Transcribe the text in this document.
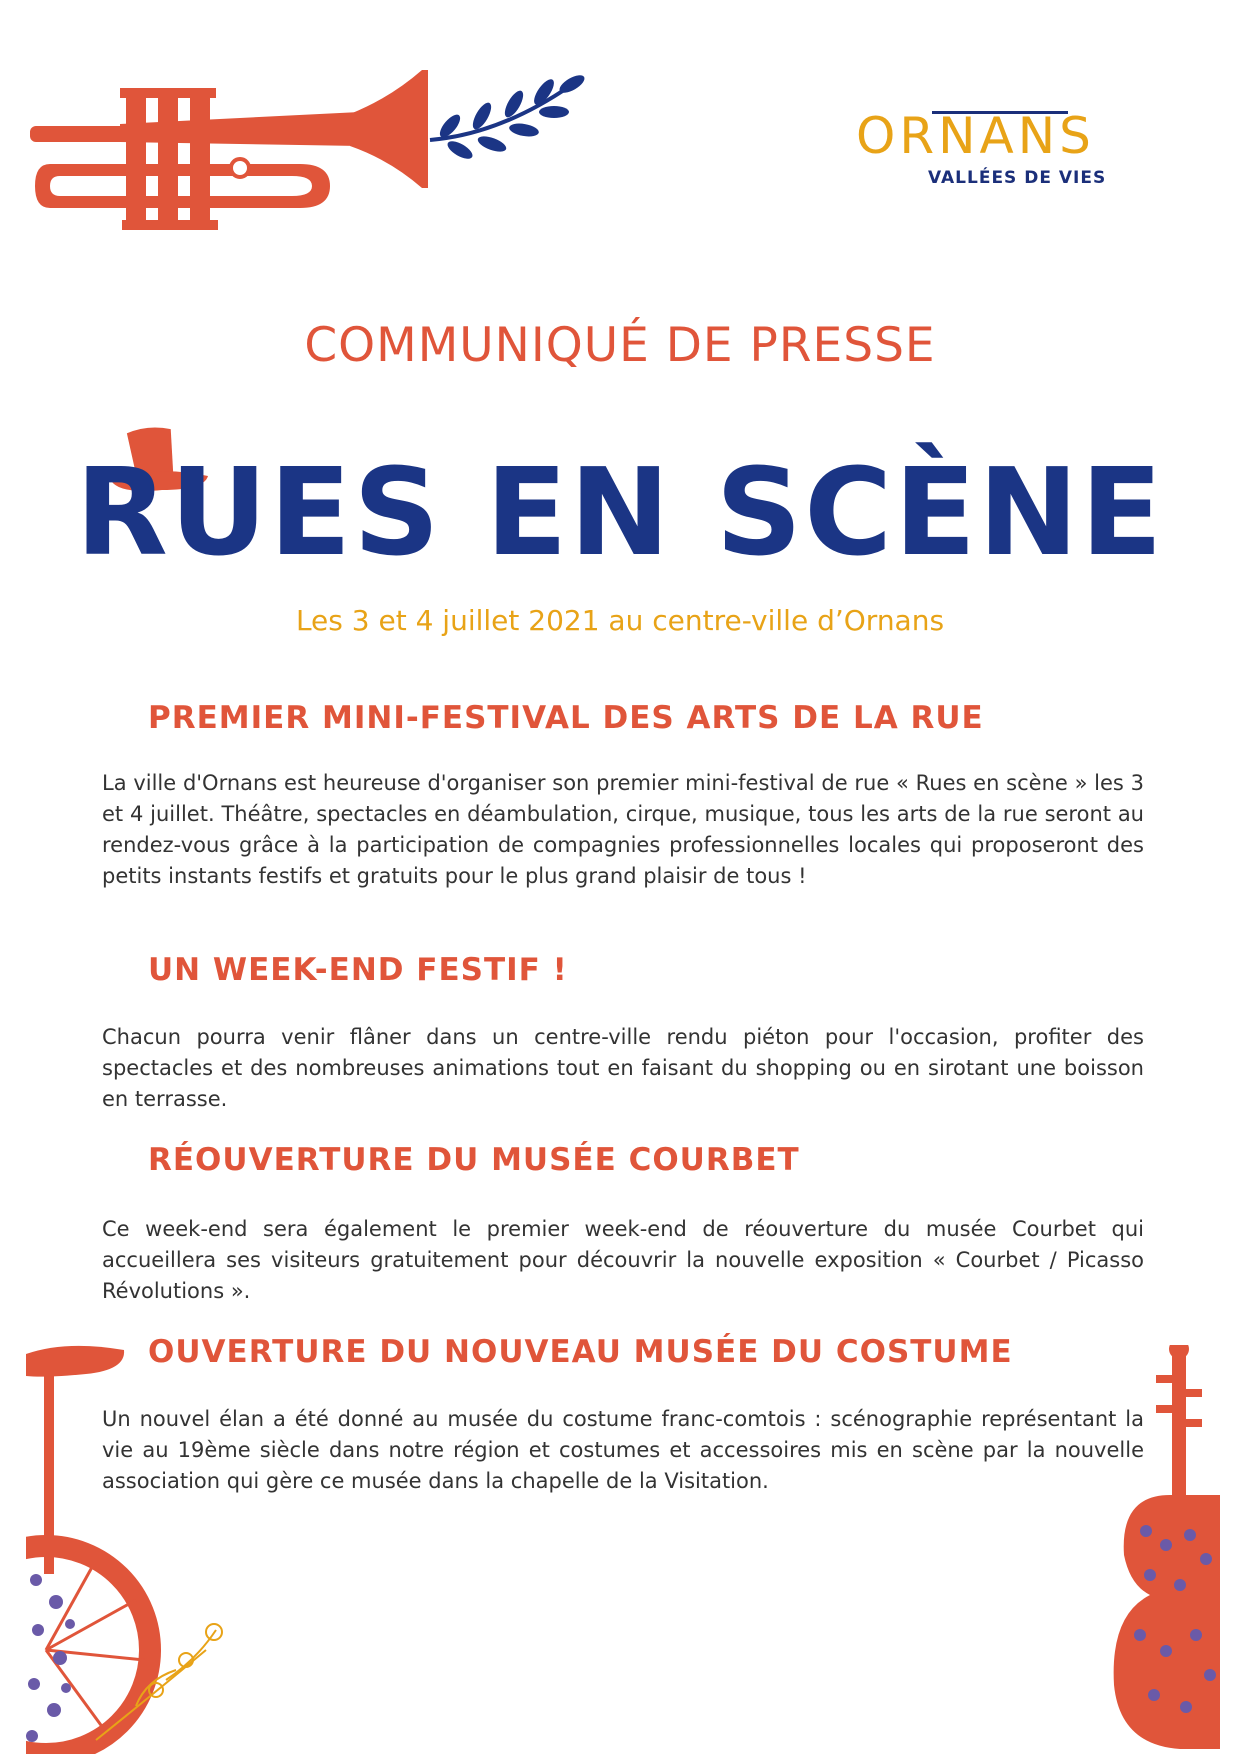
ORNANS
VALLÉES DE VIES
COMMUNIQUÉ DE PRESSE
RUES EN SCÈNE
Les 3 et 4 juillet 2021 au centre-ville d’Ornans
PREMIER MINI-FESTIVAL DES ARTS DE LA RUE

La ville d'Ornans est heureuse d'organiser son premier mini-festival de rue « Rues en scène » les 3 et 4 juillet. Théâtre, spectacles en déambulation, cirque, musique, tous les arts de la rue seront au rendez-vous grâce à la participation de compagnies professionnelles locales qui proposeront des petits instants festifs et gratuits pour le plus grand plaisir de tous !

UN WEEK-END FESTIF !

Chacun pourra venir flâner dans un centre-ville rendu piéton pour l'occasion, profiter des spectacles et des nombreuses animations tout en faisant du shopping ou en sirotant une boisson en terrasse.

RÉOUVERTURE DU MUSÉE COURBET

Ce week-end sera également le premier week-end de réouverture du musée Courbet qui accueillera ses visiteurs gratuitement pour découvrir la nouvelle exposition « Courbet / Picasso Révolutions ».

OUVERTURE DU NOUVEAU MUSÉE DU COSTUME

Un nouvel élan a été donné au musée du costume franc-comtois : scénographie représentant la vie au 19ème siècle dans notre région et costumes et accessoires mis en scène par la nouvelle association qui gère ce musée dans la chapelle de la Visitation.
